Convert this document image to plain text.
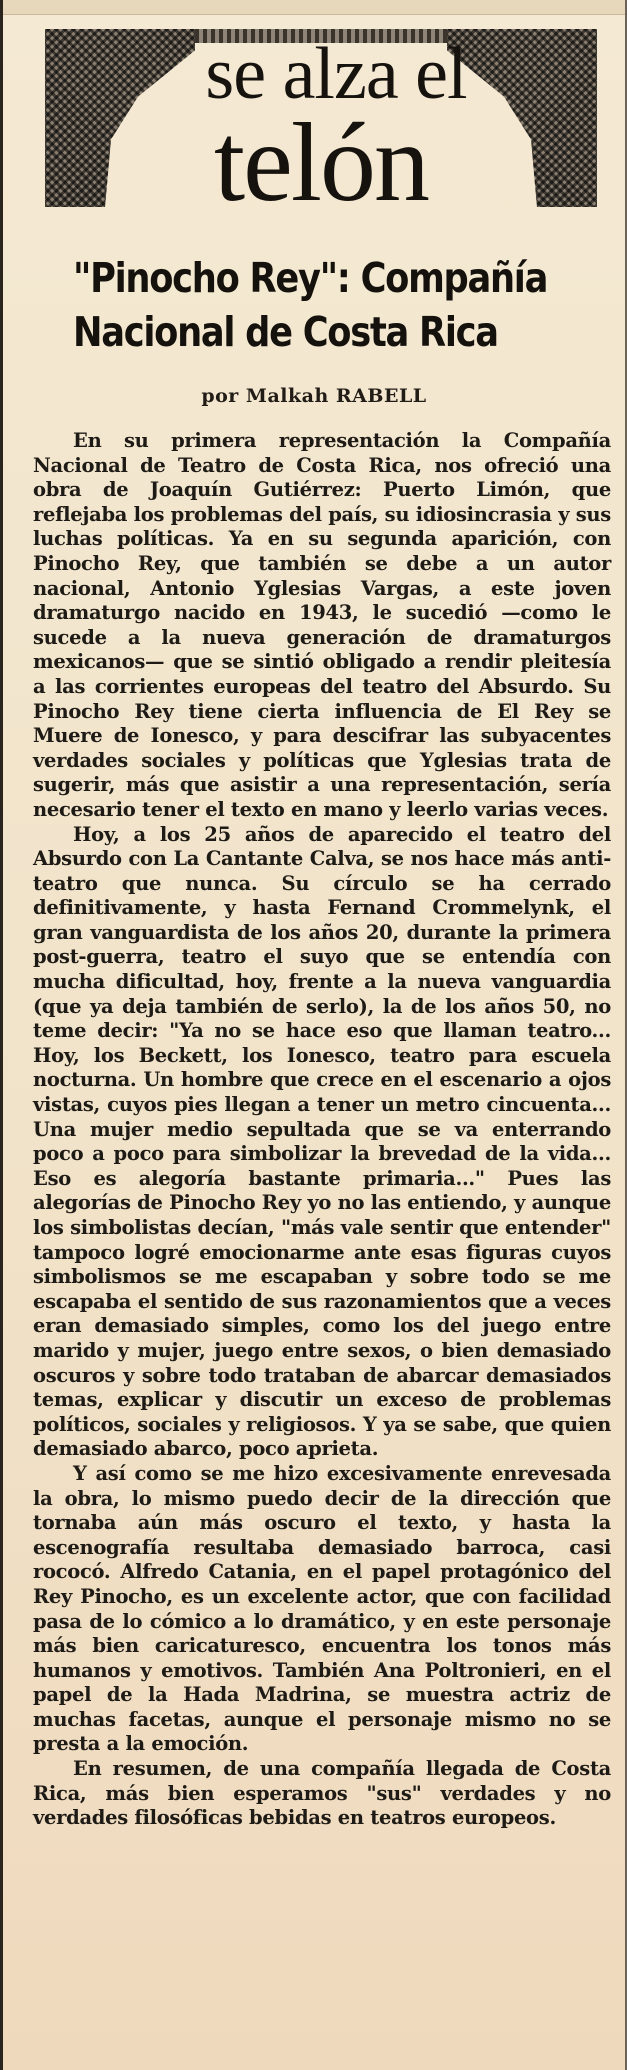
se alza el
telón
"Pinocho Rey": Compañía Nacional de Costa Rica
por Malkah RABELL

En su primera representación la Compañía Nacional de Teatro de Costa Rica, nos ofreció una obra de Joaquín Gutiérrez: Puerto Limón, que reflejaba los problemas del país, su idiosincrasia y sus luchas políticas. Ya en su segunda aparición, con Pinocho Rey, que también se debe a un autor nacional, Antonio Yglesias Vargas, a este joven dramaturgo nacido en 1943, le sucedió —como le sucede a la nueva generación de dramaturgos mexicanos— que se sintió obligado a rendir pleitesía a las corrientes europeas del teatro del Absurdo. Su Pinocho Rey tiene cierta influencia de El Rey se Muere de Ionesco, y para descifrar las subyacentes verdades sociales y políticas que Yglesias trata de sugerir, más que asistir a una representación, sería necesario tener el texto en mano y leerlo varias veces.

Hoy, a los 25 años de aparecido el teatro del Absurdo con La Cantante Calva, se nos hace más anti-teatro que nunca. Su círculo se ha cerrado definitivamente, y hasta Fernand Crommelynk, el gran vanguardista de los años 20, durante la primera post-guerra, teatro el suyo que se entendía con mucha dificultad, hoy, frente a la nueva vanguardia (que ya deja también de serlo), la de los años 50, no teme decir: "Ya no se hace eso que llaman teatro... Hoy, los Beckett, los Ionesco, teatro para escuela nocturna. Un hombre que crece en el escenario a ojos vistas, cuyos pies llegan a tener un metro cincuenta... Una mujer medio sepultada que se va enterrando poco a poco para simbolizar la brevedad de la vida... Eso es alegoría bastante primaria..." Pues las alegorías de Pinocho Rey yo no las entiendo, y aunque los simbolistas decían, "más vale sentir que entender" tampoco logré emocionarme ante esas figuras cuyos simbolismos se me escapaban y sobre todo se me escapaba el sentido de sus razonamientos que a veces eran demasiado simples, como los del juego entre marido y mujer, juego entre sexos, o bien demasiado oscuros y sobre todo trataban de abarcar demasiados temas, explicar y discutir un exceso de problemas políticos, sociales y religiosos. Y ya se sabe, que quien demasiado abarco, poco aprieta.

Y así como se me hizo excesivamente enrevesada la obra, lo mismo puedo decir de la dirección que tornaba aún más oscuro el texto, y hasta la escenografía resultaba demasiado barroca, casi rococó. Alfredo Catania, en el papel protagónico del Rey Pinocho, es un excelente actor, que con facilidad pasa de lo cómico a lo dramático, y en este personaje más bien caricaturesco, encuentra los tonos más humanos y emotivos. También Ana Poltronieri, en el papel de la Hada Madrina, se muestra actriz de muchas facetas, aunque el personaje mismo no se presta a la emoción.

En resumen, de una compañía llegada de Costa Rica, más bien esperamos "sus" verdades y no verdades filosóficas bebidas en teatros europeos.
